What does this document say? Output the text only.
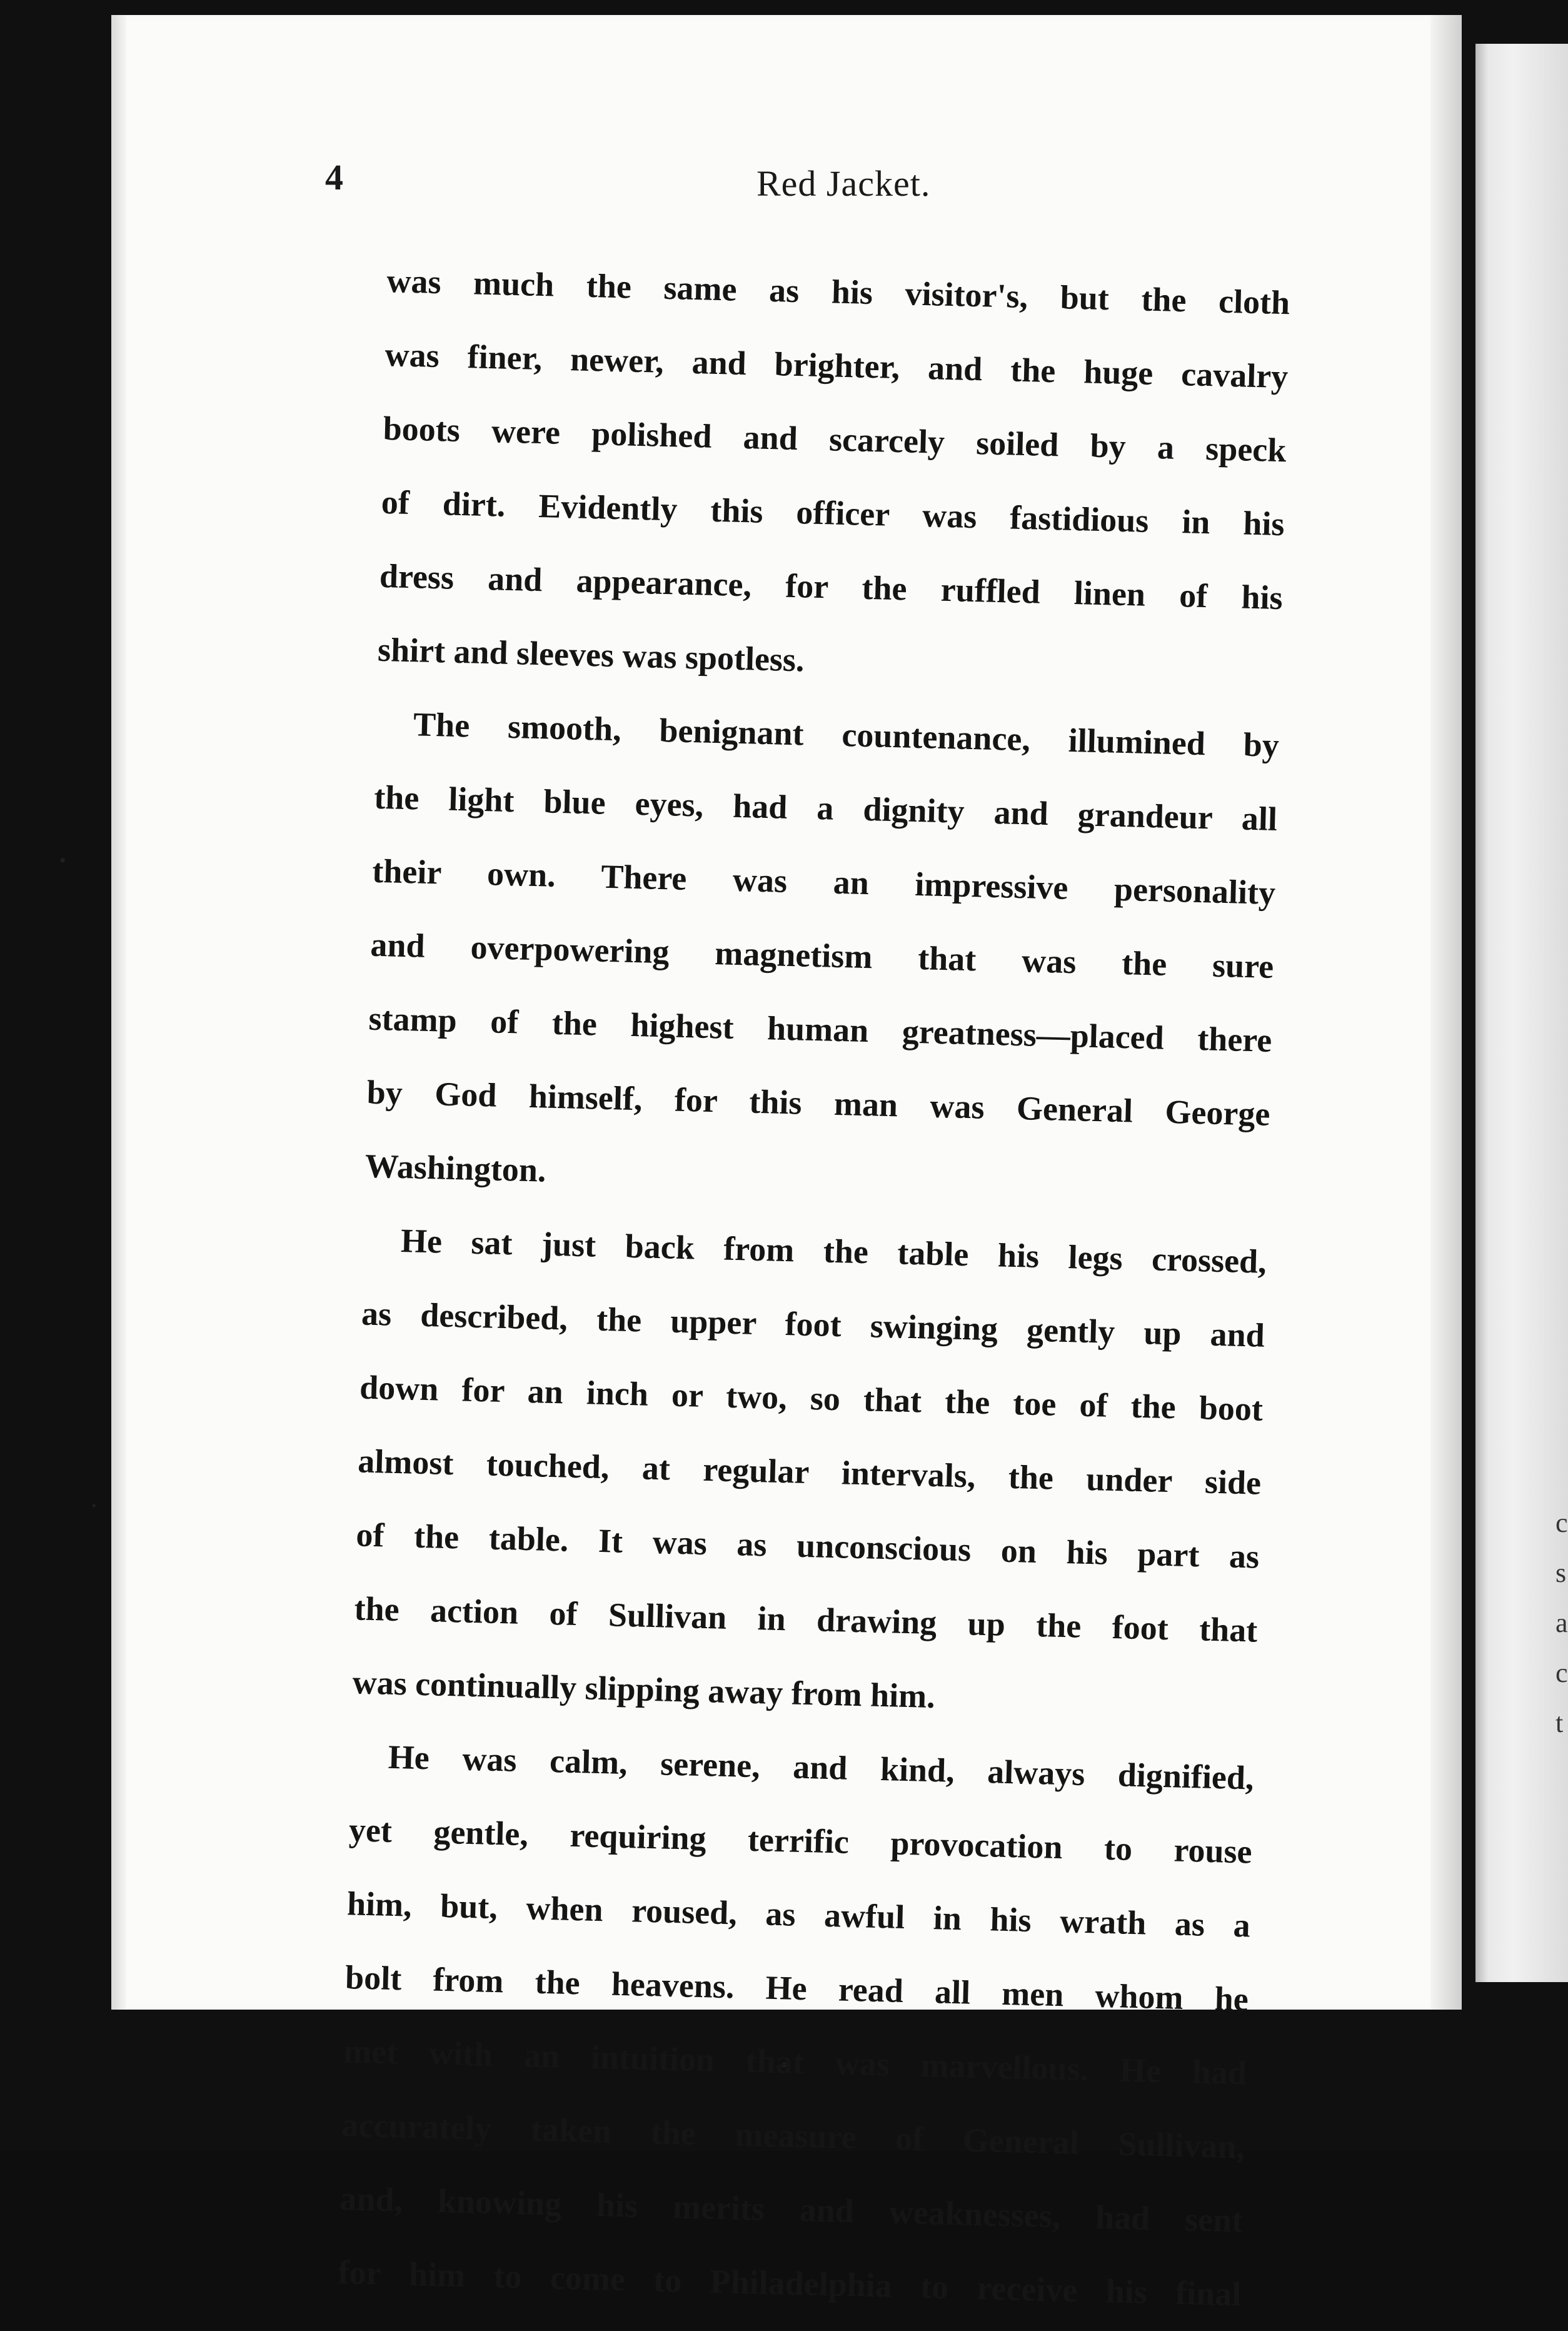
c
s
a
c
t
4	Red Jacket.
was much the same as his visitor's, but the cloth
was finer, newer, and brighter, and the huge cavalry
boots were polished and scarcely soiled by a speck
of dirt. Evidently this officer was fastidious in his
dress and appearance, for the ruffled linen of his
shirt and sleeves was spotless.
The smooth, benignant countenance, illumined by
the light blue eyes, had a dignity and grandeur all
their own. There was an impressive personality
and overpowering magnetism that was the sure
stamp of the highest human greatness—placed there
by God himself, for this man was General George
Washington.
He sat just back from the table his legs crossed,
as described, the upper foot swinging gently up and
down for an inch or two, so that the toe of the boot
almost touched, at regular intervals, the under side
of the table. It was as unconscious on his part as
the action of Sullivan in drawing up the foot that
was continually slipping away from him.
He was calm, serene, and kind, always dignified,
yet gentle, requiring terrific provocation to rouse
him, but, when roused, as awful in his wrath as a
bolt from the heavens. He read all men whom he
met with an intuition that was marvellous. He had
accurately taken the measure of General Sullivan,
and, knowing his merits and weaknesses, had sent
for him to come to Philadelphia to receive his final
